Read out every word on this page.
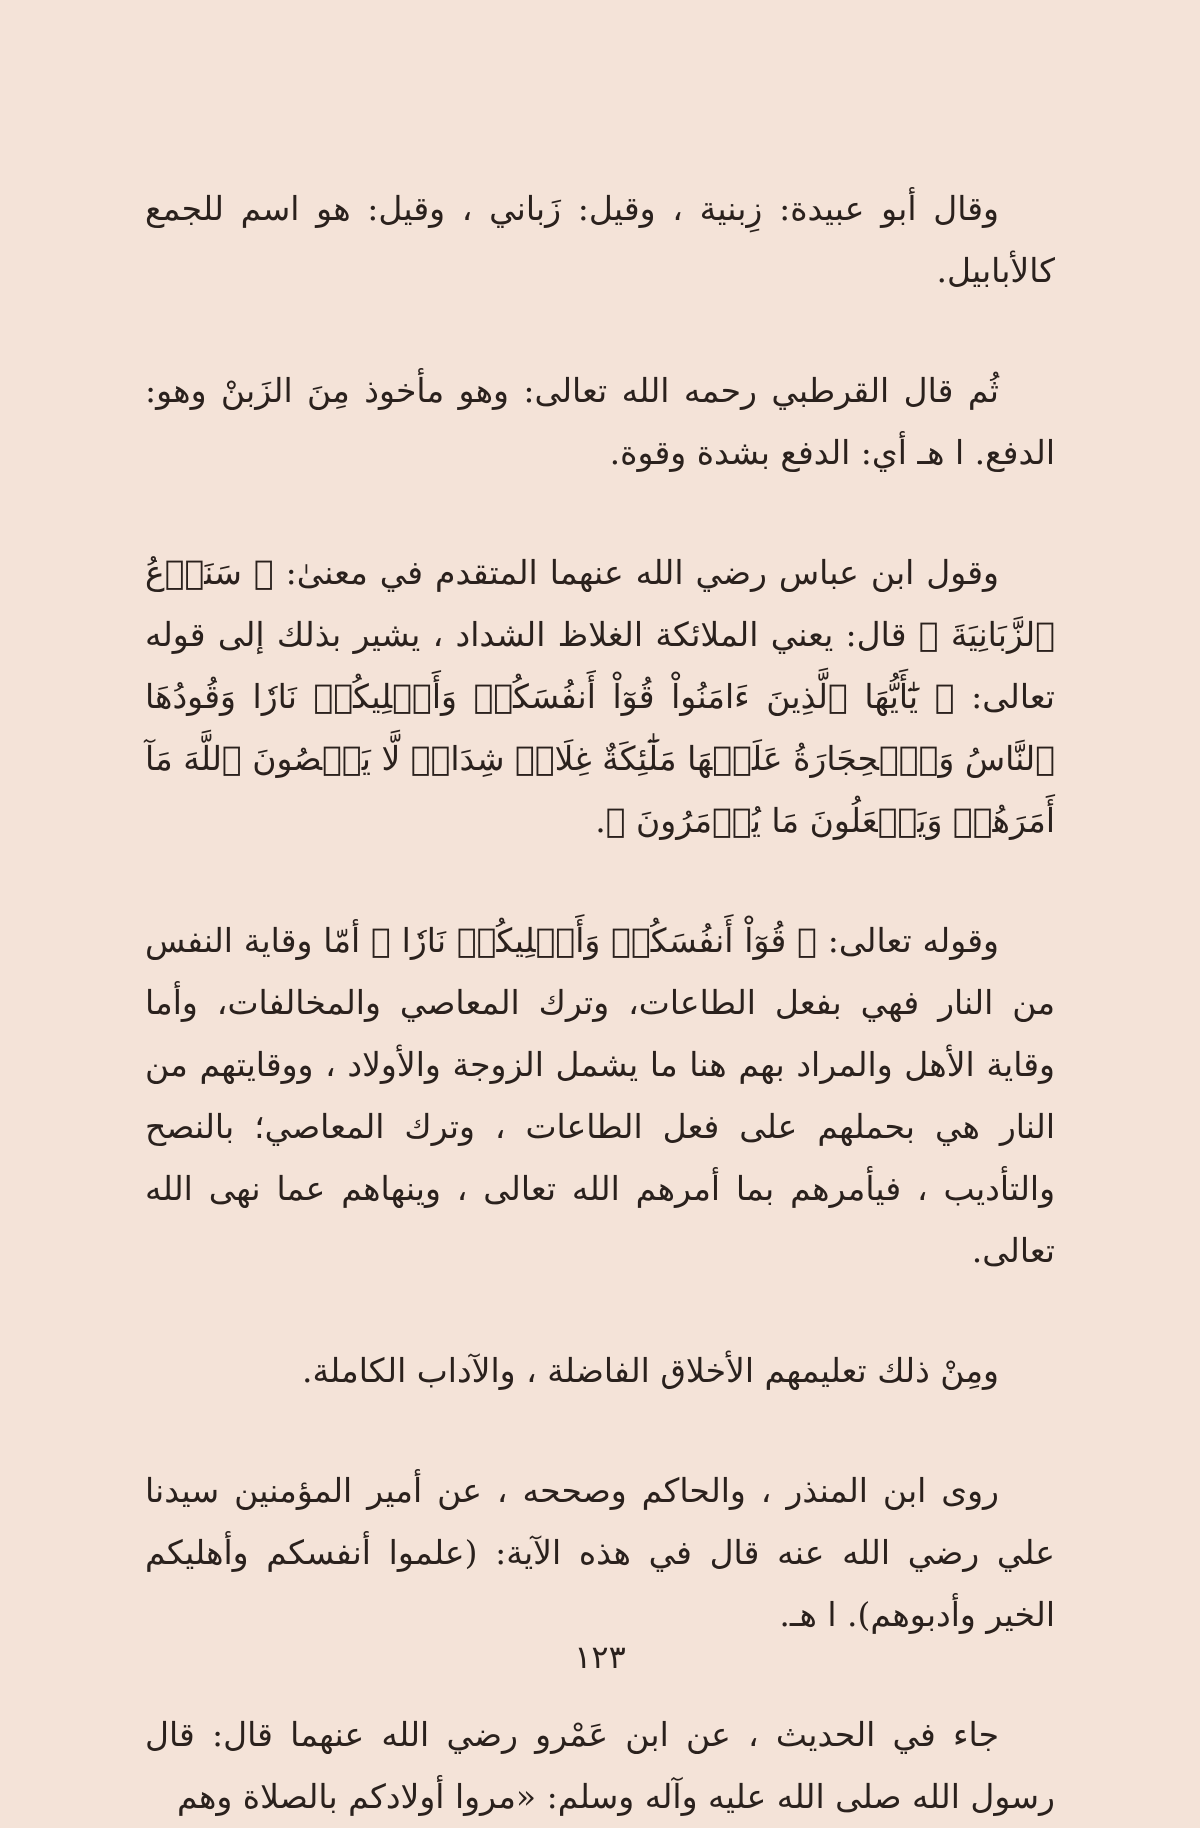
وقال أبو عبيدة: زِبنية ، وقيل: زَباني ، وقيل: هو اسم للجمع كالأبابيل.

ثُم قال القرطبي رحمه الله تعالى: وهو مأخوذ مِنَ الزَبنْ وهو: الدفع. ا هـ أي: الدفع بشدة وقوة.

وقول ابن عباس رضي الله عنهما المتقدم في معنىٰ: ﴿ سَنَدۡعُ ٱلزَّبَانِيَةَ ﴾ قال: يعني الملائكة الغلاظ الشداد ، يشير بذلك إلى قوله تعالى: ﴿ يَٰٓأَيُّهَا ٱلَّذِينَ ءَامَنُواْ قُوٓاْ أَنفُسَكُمۡ وَأَهۡلِيكُمۡ نَارٗا وَقُودُهَا ٱلنَّاسُ وَٱلۡحِجَارَةُ عَلَيۡهَا مَلَٰٓئِكَةٌ غِلَاظٞ شِدَادٞ لَّا يَعۡصُونَ ٱللَّهَ مَآ أَمَرَهُمۡ وَيَفۡعَلُونَ مَا يُؤۡمَرُونَ ﴾.

وقوله تعالى: ﴿ قُوٓاْ أَنفُسَكُمۡ وَأَهۡلِيكُمۡ نَارٗا ﴾ أمّا وقاية النفس من النار فهي بفعل الطاعات، وترك المعاصي والمخالفات، وأما وقاية الأهل والمراد بهم هنا ما يشمل الزوجة والأولاد ، ووقايتهم من النار هي بحملهم على فعل الطاعات ، وترك المعاصي؛ بالنصح والتأديب ، فيأمرهم بما أمرهم الله تعالى ، وينهاهم عما نهى الله تعالى.

ومِنْ ذلك تعليمهم الأخلاق الفاضلة ، والآداب الكاملة.

روى ابن المنذر ، والحاكم وصححه ، عن أمير المؤمنين سيدنا علي رضي الله عنه قال في هذه الآية: (علموا أنفسكم وأهليكم الخير وأدبوهم). ا هـ.

جاء في الحديث ، عن ابن عَمْرو رضي الله عنهما قال: قال رسول الله صلى الله عليه وآله وسلم: «مروا أولادكم بالصلاة وهم

١٢٣
